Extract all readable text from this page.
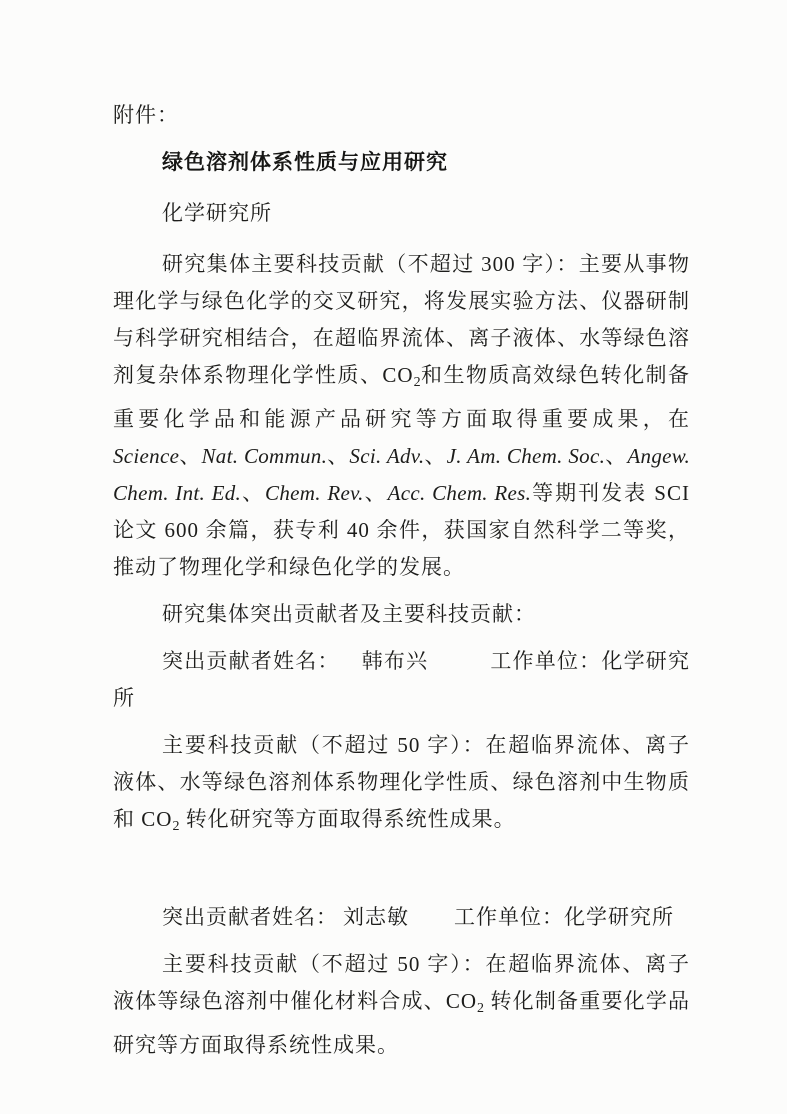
附件：

绿色溶剂体系性质与应用研究

化学研究所

研究集体主要科技贡献（不超过 300 字）：主要从事物理化学与绿色化学的交叉研究，将发展实验方法、仪器研制与科学研究相结合，在超临界流体、离子液体、水等绿色溶剂复杂体系物理化学性质、$CO_2$和生物质高效绿色转化制备重要化学品和能源产品研究等方面取得重要成果，在 Science、Nat. Commun.、Sci. Adv.、J. Am. Chem. Soc.、Angew. Chem. Int. Ed.、Chem. Rev.、Acc. Chem. Res.等期刊发表 SCI 论文 600 余篇，获专利 40 余件，获国家自然科学二等奖，推动了物理化学和绿色化学的发展。

研究集体突出贡献者及主要科技贡献：

突出贡献者姓名： 韩布兴	工作单位：化学研究所

主要科技贡献（不超过 50 字）：在超临界流体、离子液体、水等绿色溶剂体系物理化学性质、绿色溶剂中生物质和 $CO_2$ 转化研究等方面取得系统性成果。

突出贡献者姓名： 刘志敏 工作单位：化学研究所

主要科技贡献（不超过 50 字）：在超临界流体、离子液体等绿色溶剂中催化材料合成、$CO_2$ 转化制备重要化学品研究等方面取得系统性成果。
